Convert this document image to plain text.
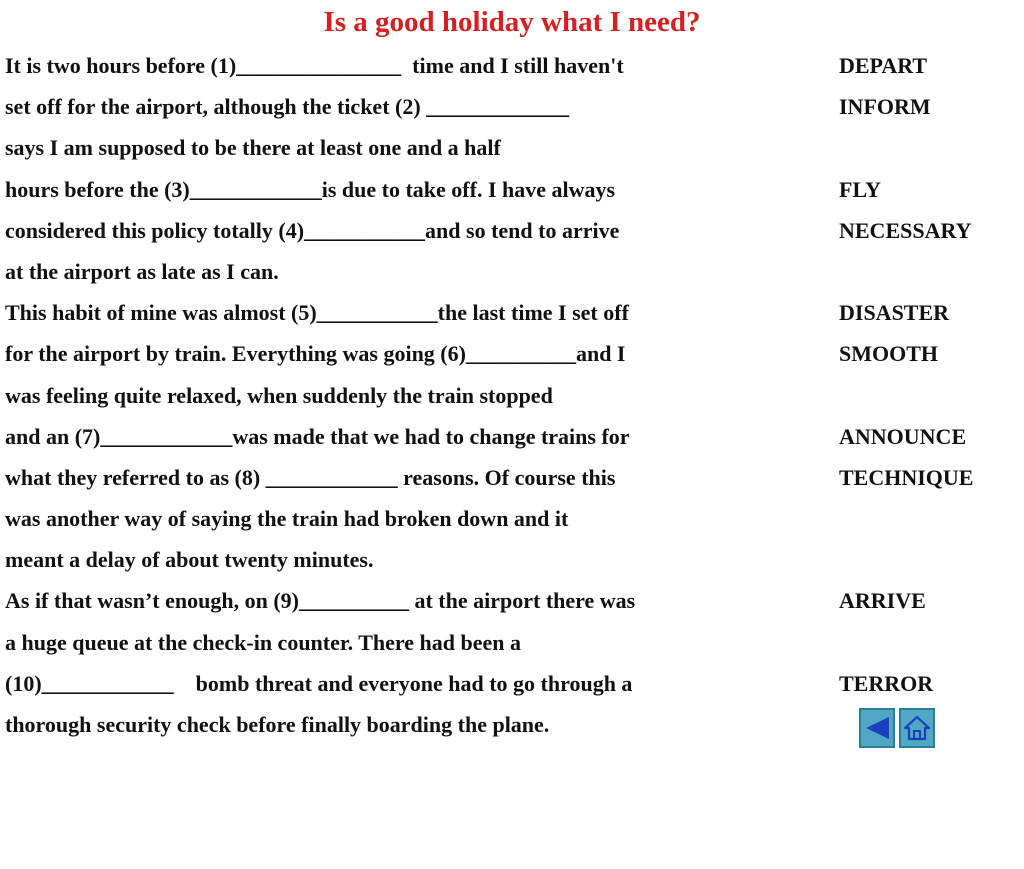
Is a good holiday what I need?

It is two hours before (1)_______________  time and I still haven't

	DEPART

set off for the airport, although the ticket (2) _____________

	INFORM

says I am supposed to be there at least one and a half

hours before the (3)____________is due to take off. I have always

	FLY

considered this policy totally (4)___________and so tend to arrive

	NECESSARY

at the airport as late as I can.

This habit of mine was almost (5)___________the last time I set off

	DISASTER

for the airport by train. Everything was going (6)__________and I

	SMOOTH

was feeling quite relaxed, when suddenly the train stopped

and an (7)____________was made that we had to change trains for

	ANNOUNCE

what they referred to as (8) ____________ reasons. Of course this

	TECHNIQUE

was another way of saying the train had broken down and it

meant a delay of about twenty minutes.

As if that wasn’t enough, on (9)__________ at the airport there was

	ARRIVE

a huge queue at the check-in counter. There had been a

(10)____________    bomb threat and everyone had to go through a

	TERROR

thorough security check before finally boarding the plane.
